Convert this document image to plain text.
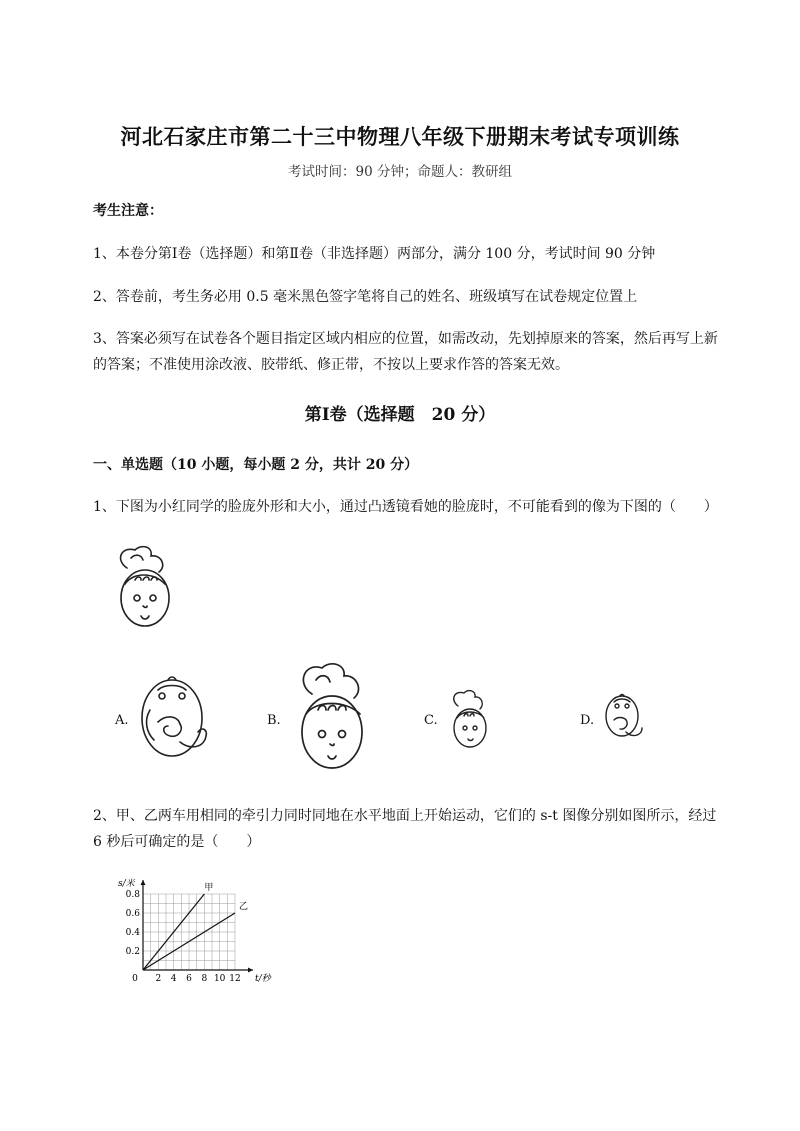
河北石家庄市第二十三中物理八年级下册期末考试专项训练
考试时间：90 分钟；命题人：教研组
考生注意：
1、本卷分第Ⅰ卷（选择题）和第Ⅱ卷（非选择题）两部分，满分 100 分，考试时间 90 分钟
2、答卷前，考生务必用 0.5 毫米黑色签字笔将自己的姓名、班级填写在试卷规定位置上
3、答案必须写在试卷各个题目指定区域内相应的位置，如需改动，先划掉原来的答案，然后再写上新的答案；不准使用涂改液、胶带纸、修正带，不按以上要求作答的答案无效。
第Ⅰ卷（选择题　20 分）
一、单选题（10 小题，每小题 2 分，共计 20 分）
1、下图为小红同学的脸庞外形和大小，通过凸透镜看她的脸庞时，不可能看到的像为下图的（　　）
A.	B.	C.	D.
2、甲、乙两车用相同的牵引力同时同地在水平地面上开始运动，它们的 s-t 图像分别如图所示，经过 6 秒后可确定的是（　　）
0 2 4 6 8 10 12
0.2
0.4
0.6
0.8
t/秒
s/米	甲
乙
